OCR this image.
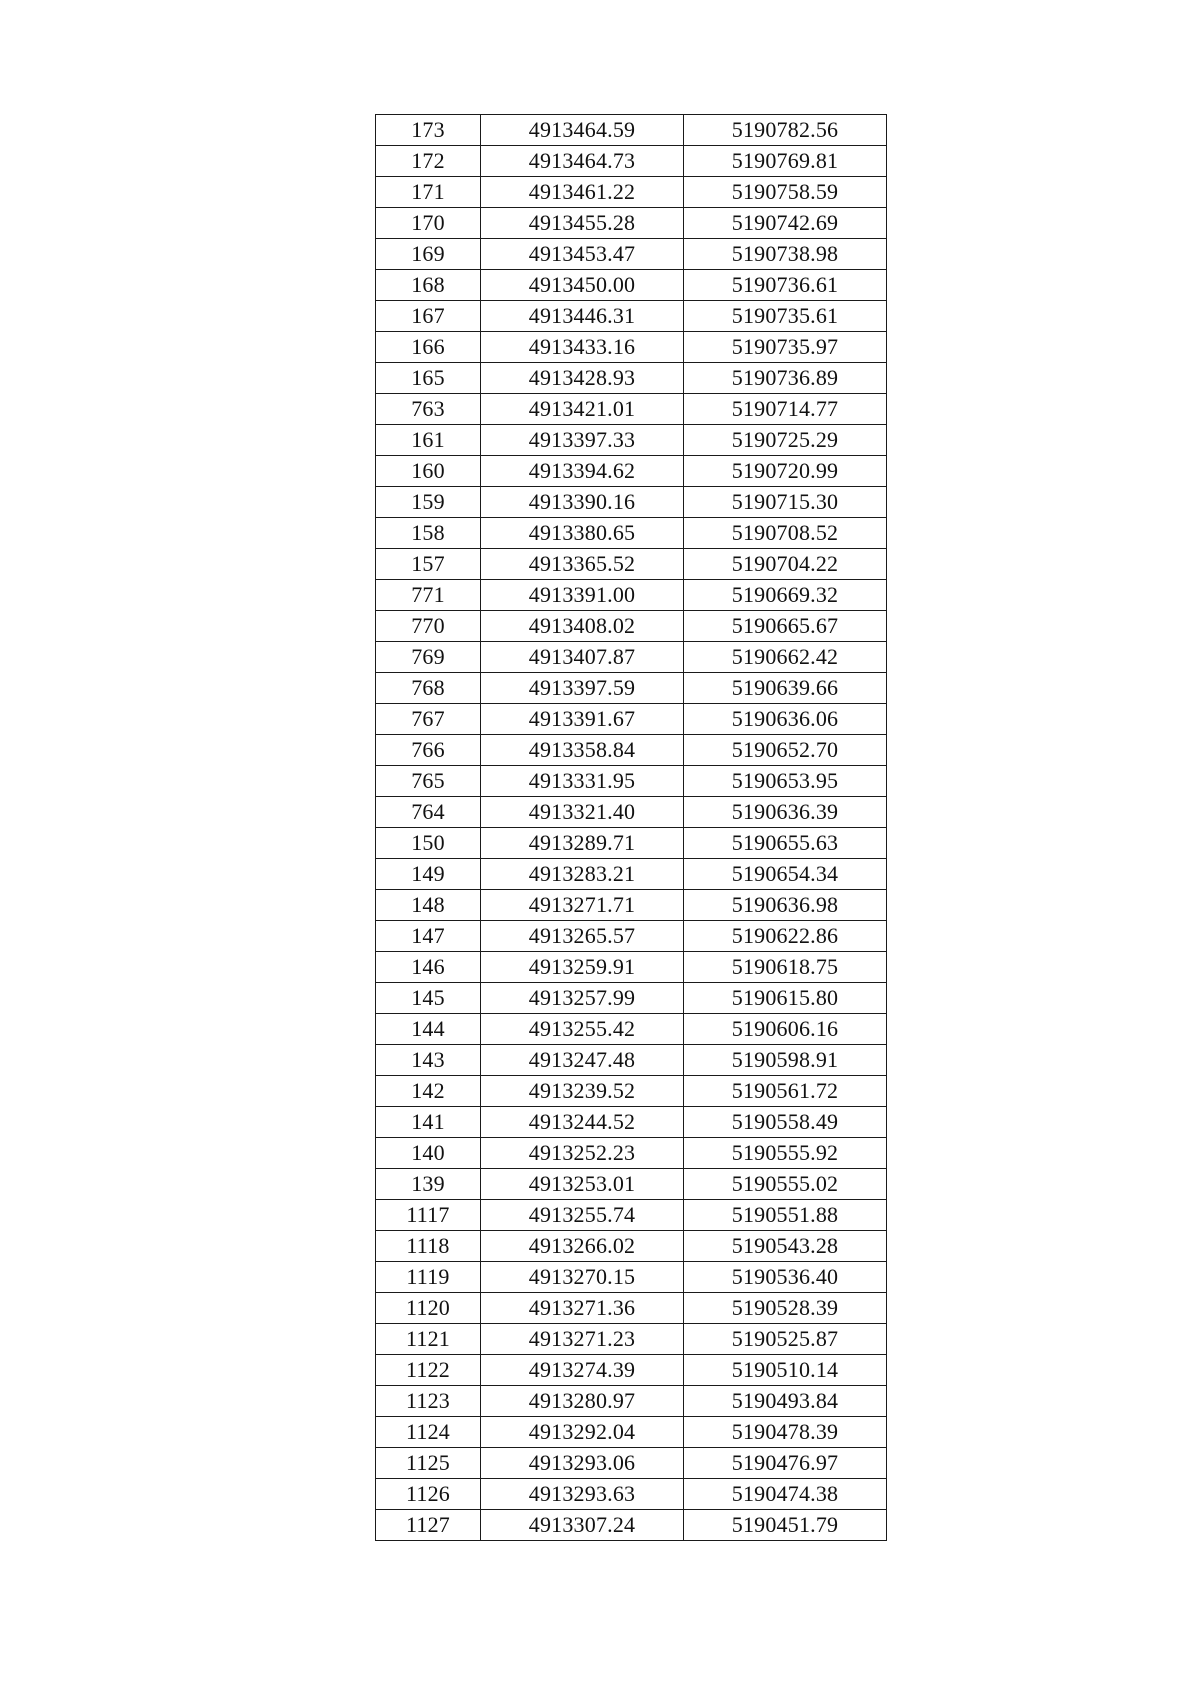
173	4913464.59	5190782.56
172	4913464.73	5190769.81
171	4913461.22	5190758.59
170	4913455.28	5190742.69
169	4913453.47	5190738.98
168	4913450.00	5190736.61
167	4913446.31	5190735.61
166	4913433.16	5190735.97
165	4913428.93	5190736.89
763	4913421.01	5190714.77
161	4913397.33	5190725.29
160	4913394.62	5190720.99
159	4913390.16	5190715.30
158	4913380.65	5190708.52
157	4913365.52	5190704.22
771	4913391.00	5190669.32
770	4913408.02	5190665.67
769	4913407.87	5190662.42
768	4913397.59	5190639.66
767	4913391.67	5190636.06
766	4913358.84	5190652.70
765	4913331.95	5190653.95
764	4913321.40	5190636.39
150	4913289.71	5190655.63
149	4913283.21	5190654.34
148	4913271.71	5190636.98
147	4913265.57	5190622.86
146	4913259.91	5190618.75
145	4913257.99	5190615.80
144	4913255.42	5190606.16
143	4913247.48	5190598.91
142	4913239.52	5190561.72
141	4913244.52	5190558.49
140	4913252.23	5190555.92
139	4913253.01	5190555.02
1117	4913255.74	5190551.88
1118	4913266.02	5190543.28
1119	4913270.15	5190536.40
1120	4913271.36	5190528.39
1121	4913271.23	5190525.87
1122	4913274.39	5190510.14
1123	4913280.97	5190493.84
1124	4913292.04	5190478.39
1125	4913293.06	5190476.97
1126	4913293.63	5190474.38
1127	4913307.24	5190451.79
